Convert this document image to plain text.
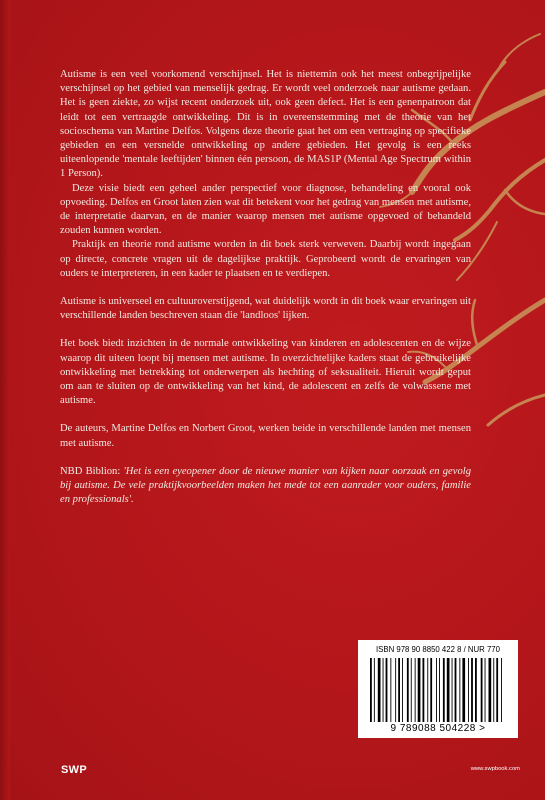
Autisme is een veel voorkomend verschijnsel. Het is niettemin ook het meest onbegrijpelijke verschijnsel op het gebied van menselijk gedrag. Er wordt veel onderzoek naar autisme gedaan. Het is geen ziekte, zo wijst recent onderzoek uit, ook geen defect. Het is een genenpatroon dat leidt tot een vertraagde ontwikkeling. Dit is in overeenstemming met de theorie van het socioschema van Martine Delfos. Volgens deze theorie gaat het om een vertraging op specifieke gebieden en een versnelde ontwikkeling op andere gebieden. Het gevolg is een reeks uiteenlopende 'mentale leeftijden' binnen één persoon, de MAS1P (Mental Age Spectrum within 1 Person).

Deze visie biedt een geheel ander perspectief voor diagnose, behandeling en vooral ook opvoeding. Delfos en Groot laten zien wat dit betekent voor het gedrag van mensen met autisme, de interpretatie daarvan, en de manier waarop mensen met autisme opgevoed of behandeld zouden kunnen worden.

Praktijk en theorie rond autisme worden in dit boek sterk verweven. Daarbij wordt ingegaan op directe, concrete vragen uit de dagelijkse praktijk. Geprobeerd wordt de ervaringen van ouders te interpreteren, in een kader te plaatsen en te verdiepen.

Autisme is universeel en cultuuroverstijgend, wat duidelijk wordt in dit boek waar ervaringen uit verschillende landen beschreven staan die 'landloos' lijken.

Het boek biedt inzichten in de normale ontwikkeling van kinderen en adolescenten en de wijze waarop dit uiteen loopt bij mensen met autisme. In overzichtelijke kaders staat de gebruikelijke ontwikkeling met betrekking tot onderwerpen als hechting of seksualiteit. Hieruit wordt geput om aan te sluiten op de ontwikkeling van het kind, de adolescent en zelfs de volwassene met autisme.

De auteurs, Martine Delfos en Norbert Groot, werken beide in verschillende landen met mensen met autisme.

NBD Biblion: 'Het is een eyeopener door de nieuwe manier van kijken naar oorzaak en gevolg bij autisme. De vele praktijkvoorbeelden maken het mede tot een aanrader voor ouders, familie en professionals'.

ISBN 978 90 8850 422 8 / NUR 770
9 789088 504228 >
SWP	www.swpbook.com
